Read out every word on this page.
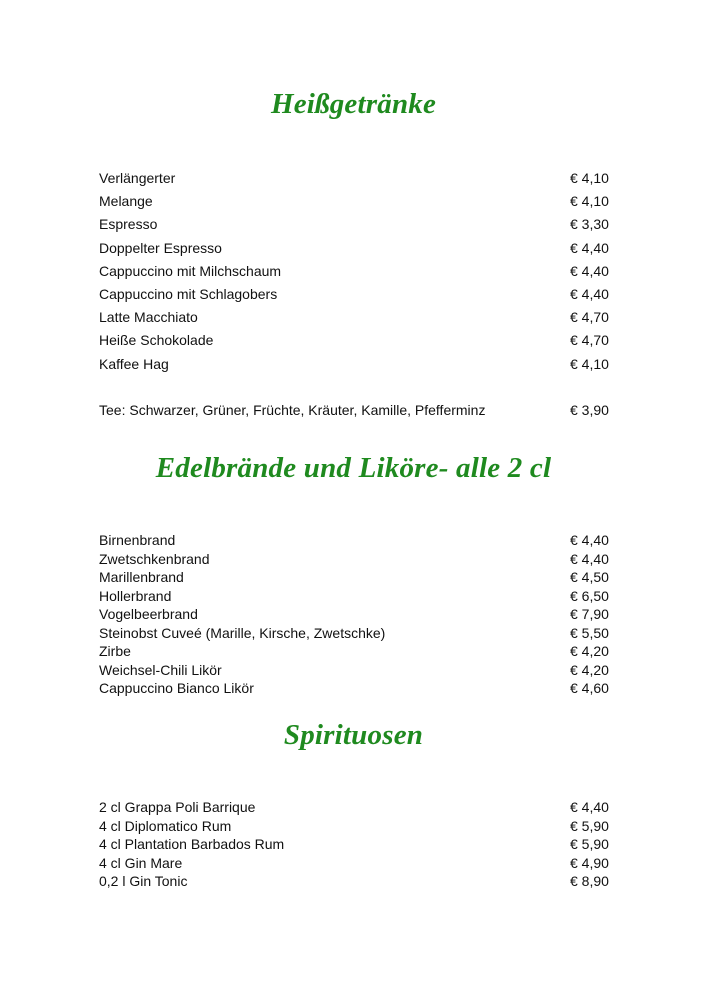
Heißgetränke
Verlängerter	€ 4,10
Melange	€ 4,10
Espresso	€ 3,30
Doppelter Espresso	€ 4,40
Cappuccino mit Milchschaum	€ 4,40
Cappuccino mit Schlagobers	€ 4,40
Latte Macchiato	€ 4,70
Heiße Schokolade	€ 4,70
Kaffee Hag	€ 4,10
Tee: Schwarzer, Grüner, Früchte, Kräuter, Kamille, Pfefferminz	€ 3,90
Edelbrände und Liköre- alle 2 cl
Birnenbrand	€ 4,40
Zwetschkenbrand	€ 4,40
Marillenbrand	€ 4,50
Hollerbrand	€ 6,50
Vogelbeerbrand	€ 7,90
Steinobst Cuveé (Marille, Kirsche, Zwetschke)	€ 5,50
Zirbe	€ 4,20
Weichsel-Chili Likör	€ 4,20
Cappuccino Bianco Likör	€ 4,60
Spirituosen
2 cl Grappa Poli Barrique	€ 4,40
4 cl Diplomatico Rum	€ 5,90
4 cl Plantation Barbados Rum	€ 5,90
4 cl Gin Mare	€ 4,90
0,2 l Gin Tonic	€ 8,90
